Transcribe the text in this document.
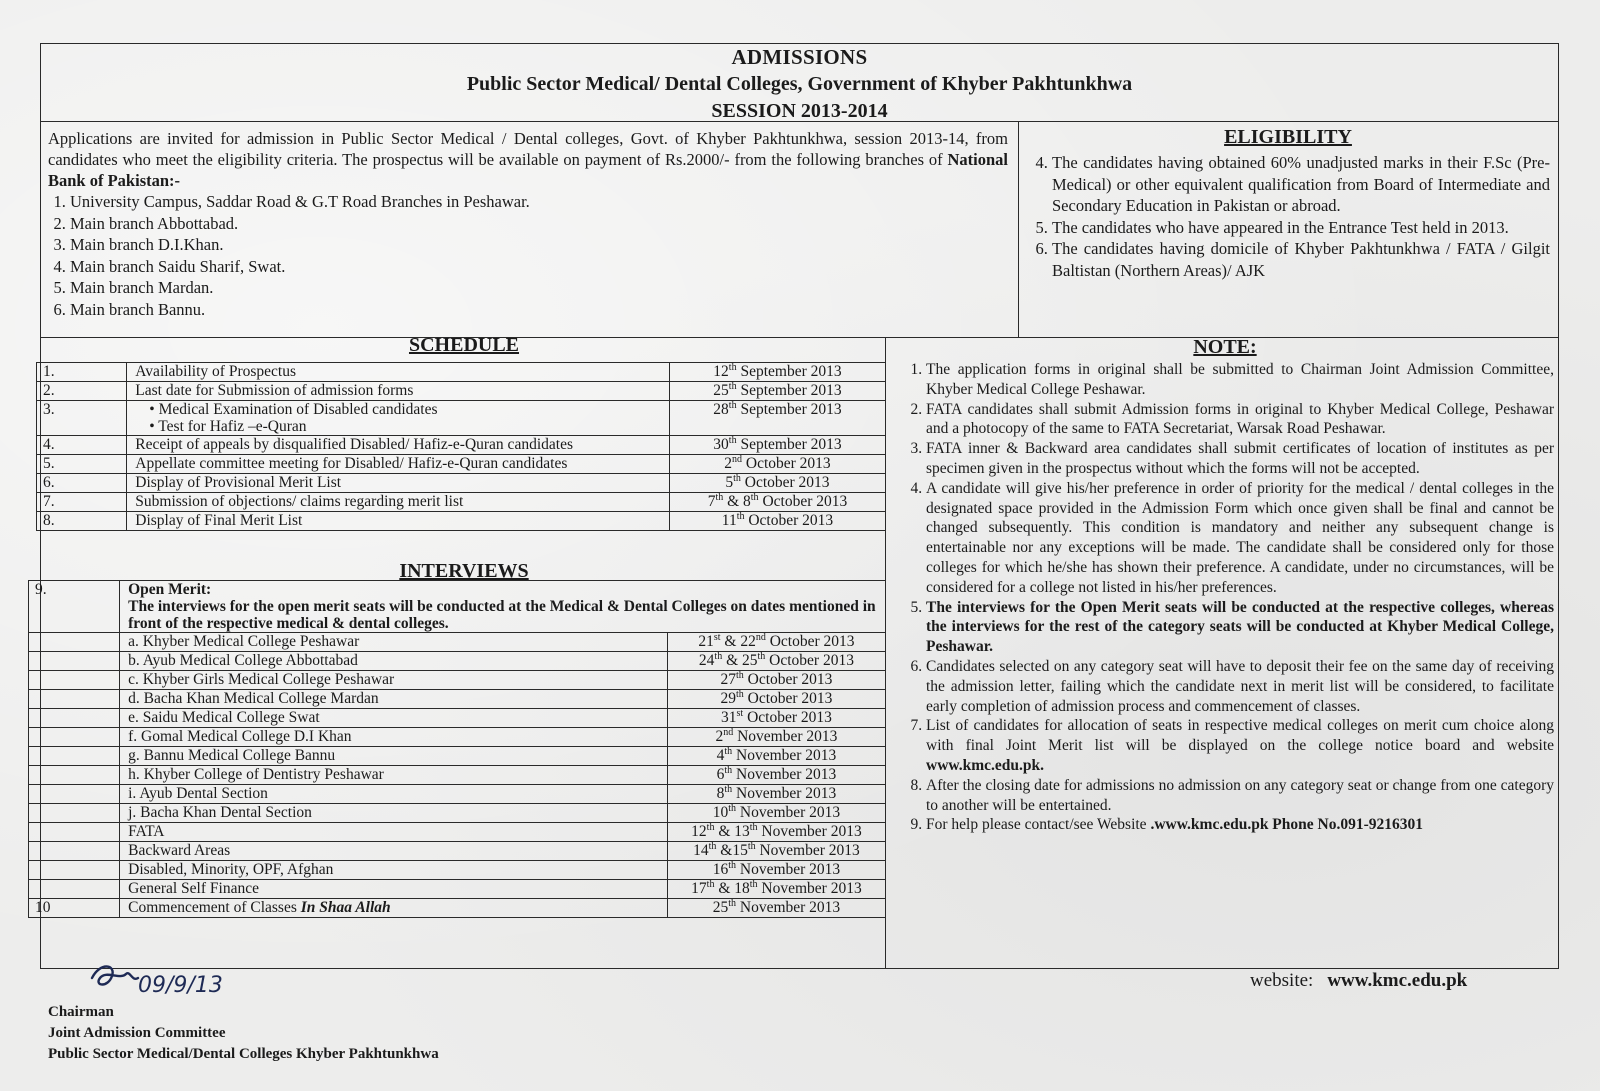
ADMISSIONS
Public Sector Medical/ Dental Colleges, Government of Khyber Pakhtunkhwa
SESSION 2013-2014

Applications are invited for admission in Public Sector Medical / Dental colleges, Govt. of Khyber Pakhtunkhwa, session 2013-14, from candidates who meet the eligibility criteria. The prospectus will be available on payment of Rs.2000/- from the following branches of National Bank of Pakistan:-

1. University Campus, Saddar Road & G.T Road Branches in Peshawar.
2. Main branch Abbottabad.
3. Main branch D.I.Khan.
4. Main branch Saidu Sharif, Swat.
5. Main branch Mardan.
6. Main branch Bannu.
ELIGIBILITY
4. The candidates having obtained 60% unadjusted marks in their F.Sc (Pre-Medical) or other equivalent qualification from Board of Intermediate and Secondary Education in Pakistan or abroad.
5. The candidates who have appeared in the Entrance Test held in 2013.
6. The candidates having domicile of Khyber Pakhtunkhwa / FATA / Gilgit Baltistan (Northern Areas)/ AJK
SCHEDULE
1.	Availability of Prospectus	12th September 2013
2.	Last date for Submission of admission forms	25th September 2013
3.	• Medical Examination of Disabled candidates
• Test for Hafiz –e-Quran	28th September 2013
4.	Receipt of appeals by disqualified Disabled/ Hafiz-e-Quran candidates	30th September 2013
5.	Appellate committee meeting for Disabled/ Hafiz-e-Quran candidates	2nd October 2013
6.	Display of Provisional Merit List	5th October 2013
7.	Submission of objections/ claims regarding merit list	7th & 8th October 2013
8.	Display of Final Merit List	11th October 2013
INTERVIEWS
9.	Open Merit:
The interviews for the open merit seats will be conducted at the Medical & Dental Colleges on dates mentioned in front of the respective medical & dental colleges.	

	a. Khyber Medical College Peshawar	21st & 22nd October 2013
	b. Ayub Medical College Abbottabad	24th & 25th October 2013
	c. Khyber Girls Medical College Peshawar	27th October 2013
	d. Bacha Khan Medical College Mardan	29th October 2013
	e. Saidu Medical College Swat	31st October 2013
	f. Gomal Medical College D.I Khan	2nd November 2013
	g. Bannu Medical College Bannu	4th November 2013
	h. Khyber College of Dentistry Peshawar	6th November 2013
	i. Ayub Dental Section	8th November 2013
	j. Bacha Khan Dental Section	10th November 2013
	FATA	12th & 13th November 2013
	Backward Areas	14th &15th November 2013
	Disabled, Minority, OPF, Afghan	16th November 2013
	General Self Finance	17th & 18th November 2013
10	Commencement of Classes In Shaa Allah	25th November 2013
NOTE:
1. The application forms in original shall be submitted to Chairman Joint Admission Committee, Khyber Medical College Peshawar.
2. FATA candidates shall submit Admission forms in original to Khyber Medical College, Peshawar and a photocopy of the same to FATA Secretariat, Warsak Road Peshawar.
3. FATA inner & Backward area candidates shall submit certificates of location of institutes as per specimen given in the prospectus without which the forms will not be accepted.
4. A candidate will give his/her preference in order of priority for the medical / dental colleges in the designated space provided in the Admission Form which once given shall be final and cannot be changed subsequently. This condition is mandatory and neither any subsequent change is entertainable nor any exceptions will be made. The candidate shall be considered only for those colleges for which he/she has shown their preference. A candidate, under no circumstances, will be considered for a college not listed in his/her preferences.
5. The interviews for the Open Merit seats will be conducted at the respective colleges, whereas the interviews for the rest of the category seats will be conducted at Khyber Medical College, Peshawar.
6. Candidates selected on any category seat will have to deposit their fee on the same day of receiving the admission letter, failing which the candidate next in merit list will be considered, to facilitate early completion of admission process and commencement of classes.
7. List of candidates for allocation of seats in respective medical colleges on merit cum choice along with final Joint Merit list will be displayed on the college notice board and website www.kmc.edu.pk.
8. After the closing date for admissions no admission on any category seat or change from one category to another will be entertained.
9. For help please contact/see Website .www.kmc.edu.pk Phone No.091-9216301
website: www.kmc.edu.pk
09/9/13
Chairman
Joint Admission Committee
Public Sector Medical/Dental Colleges Khyber Pakhtunkhwa
